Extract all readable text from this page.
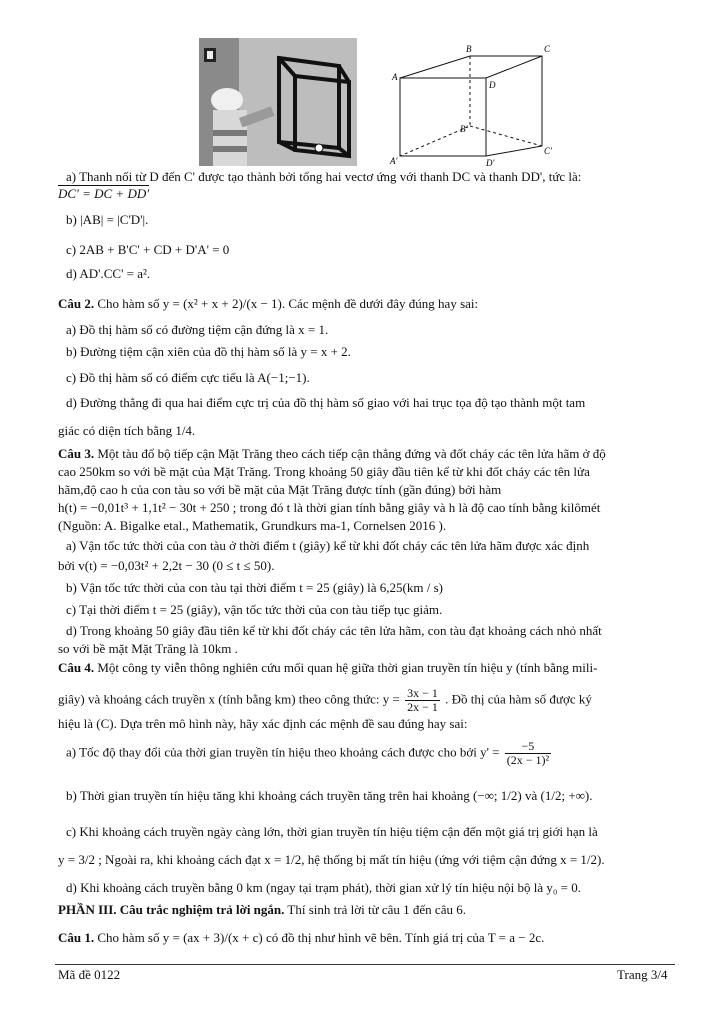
A
B	C
D
D'
A'
B'
C'
a) Thanh nối từ D đến C' được tạo thành bởi tổng hai vectơ ứng với thanh DC và thanh DD', tức là:
DC' = DC + DD'
b) |AB| = |C'D'|.
c) 2AB + B'C' + CD + D'A' = 0
d) AD'.CC' = a².
Câu 2. Cho hàm số y = (x² + x + 2)/(x − 1). Các mệnh đề dưới đây đúng hay sai:
a) Đồ thị hàm số có đường tiệm cận đứng là x = 1.
b) Đường tiệm cận xiên của đồ thị hàm số là y = x + 2.
c) Đồ thị hàm số có điểm cực tiểu là A(−1;−1).
d) Đường thẳng đi qua hai điểm cực trị của đồ thị hàm số giao với hai trục tọa độ tạo thành một tam
giác có diện tích bằng 1/4.
Câu 3. Một tàu đổ bộ tiếp cận Mặt Trăng theo cách tiếp cận thẳng đứng và đốt cháy các tên lửa hãm ở độ
cao 250km so với bề mặt của Mặt Trăng. Trong khoảng 50 giây đầu tiên kể từ khi đốt cháy các tên lửa
hãm,độ cao h của con tàu so với bề mặt của Mặt Trăng được tính (gần đúng) bởi hàm
h(t) = −0,01t³ + 1,1t² − 30t + 250 ; trong đó t là thời gian tính bằng giây và h là độ cao tính bằng kilômét
(Nguồn: A. Bigalke etal., Mathematik, Grundkurs ma-1, Cornelsen 2016 ).
a) Vận tốc tức thời của con tàu ở thời điểm t (giây) kể từ khi đốt cháy các tên lửa hãm được xác định
bởi v(t) = −0,03t² + 2,2t − 30 (0 ≤ t ≤ 50).
b) Vận tốc tức thời của con tàu tại thời điểm t = 25 (giây) là 6,25(km / s)
c) Tại thời điểm t = 25 (giây), vận tốc tức thời của con tàu tiếp tục giảm.
d) Trong khoảng 50 giây đầu tiên kể từ khi đốt cháy các tên lửa hãm, con tàu đạt khoảng cách nhỏ nhất
so với bề mặt Mặt Trăng là 10km .
Câu 4. Một công ty viễn thông nghiên cứu mối quan hệ giữa thời gian truyền tín hiệu y (tính bằng mili-
giây) và khoảng cách truyền x (tính bằng km) theo công thức: $y = \frac{3x - 1}{2x - 1}$ . Đồ thị của hàm số được ký
hiệu là (C). Dựa trên mô hình này, hãy xác định các mệnh đề sau đúng hay sai:
a) Tốc độ thay đổi của thời gian truyền tín hiệu theo khoảng cách được cho bởi $y' = \frac{-5}{\text{(2x − 1)²}}$
b) Thời gian truyền tín hiệu tăng khi khoảng cách truyền tăng trên hai khoảng (−∞; 1/2) và (1/2; +∞).
c) Khi khoảng cách truyền ngày càng lớn, thời gian truyền tín hiệu tiệm cận đến một giá trị giới hạn là
y = 3/2 ; Ngoài ra, khi khoảng cách đạt x = 1/2, hệ thống bị mất tín hiệu (ứng với tiệm cận đứng x = 1/2).
d) Khi khoảng cách truyền bằng 0 km (ngay tại trạm phát), thời gian xử lý tín hiệu nội bộ là y₀ = 0.
PHẦN III. Câu trắc nghiệm trả lời ngắn. Thí sinh trả lời từ câu 1 đến câu 6.
Câu 1. Cho hàm số y = (ax + 3)/(x + c) có đồ thị như hình vẽ bên. Tính giá trị của T = a − 2c.
Mã đề 0122	Trang 3/4
